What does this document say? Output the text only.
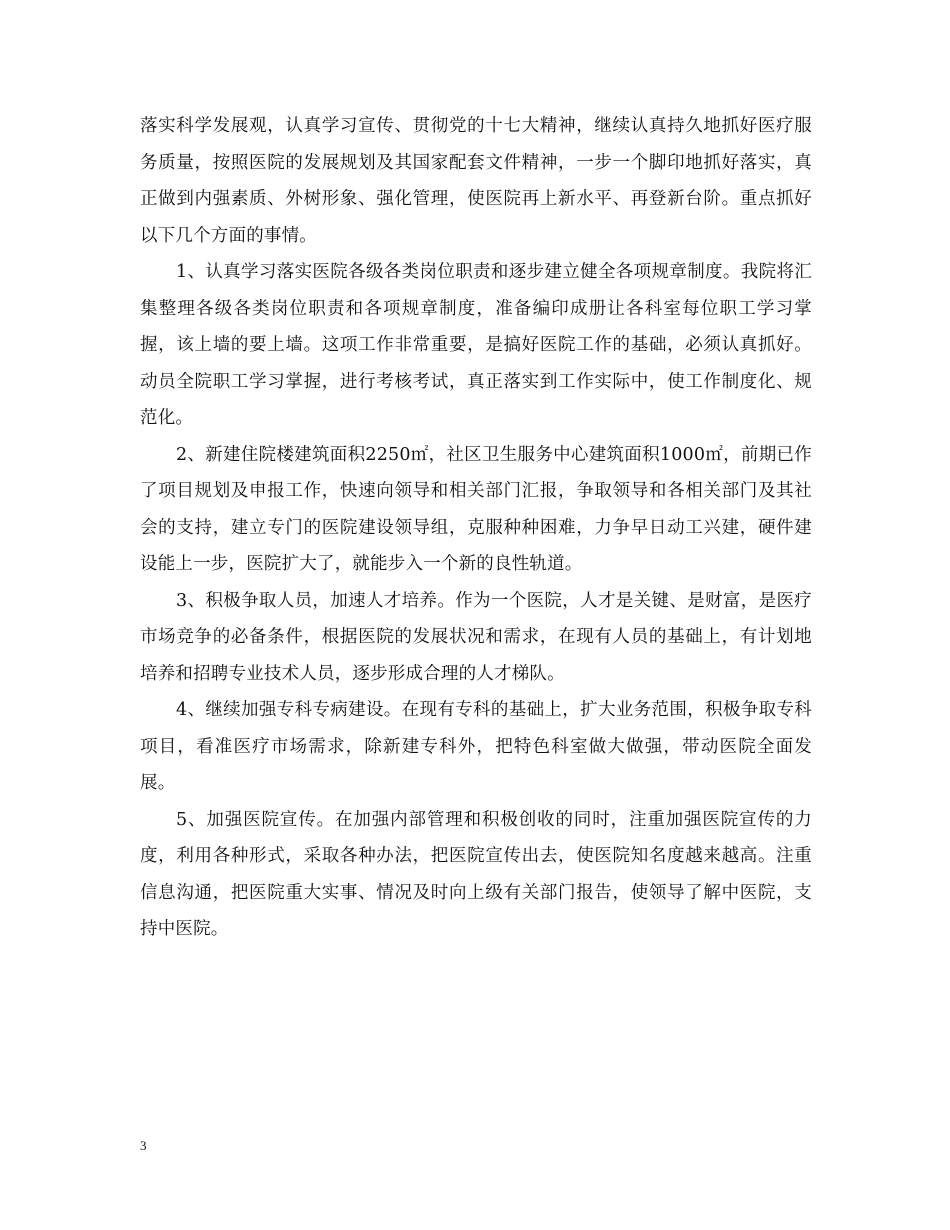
落实科学发展观，认真学习宣传、贯彻党的十七大精神，继续认真持久地抓好医疗服务质量，按照医院的发展规划及其国家配套文件精神，一步一个脚印地抓好落实，真正做到内强素质、外树形象、强化管理，使医院再上新水平、再登新台阶。重点抓好以下几个方面的事情。

1、认真学习落实医院各级各类岗位职责和逐步建立健全各项规章制度。我院将汇集整理各级各类岗位职责和各项规章制度，准备编印成册让各科室每位职工学习掌握，该上墙的要上墙。这项工作非常重要，是搞好医院工作的基础，必须认真抓好。动员全院职工学习掌握，进行考核考试，真正落实到工作实际中，使工作制度化、规范化。

2、新建住院楼建筑面积2250㎡，社区卫生服务中心建筑面积1000㎡，前期已作了项目规划及申报工作，快速向领导和相关部门汇报，争取领导和各相关部门及其社会的支持，建立专门的医院建设领导组，克服种种困难，力争早日动工兴建，硬件建设能上一步，医院扩大了，就能步入一个新的良性轨道。

3、积极争取人员，加速人才培养。作为一个医院，人才是关键、是财富，是医疗市场竞争的必备条件，根据医院的发展状况和需求，在现有人员的基础上，有计划地培养和招聘专业技术人员，逐步形成合理的人才梯队。

4、继续加强专科专病建设。在现有专科的基础上，扩大业务范围，积极争取专科项目，看准医疗市场需求，除新建专科外，把特色科室做大做强，带动医院全面发展。

5、加强医院宣传。在加强内部管理和积极创收的同时，注重加强医院宣传的力度，利用各种形式，采取各种办法，把医院宣传出去，使医院知名度越来越高。注重信息沟通，把医院重大实事、情况及时向上级有关部门报告，使领导了解中医院，支持中医院。

3
